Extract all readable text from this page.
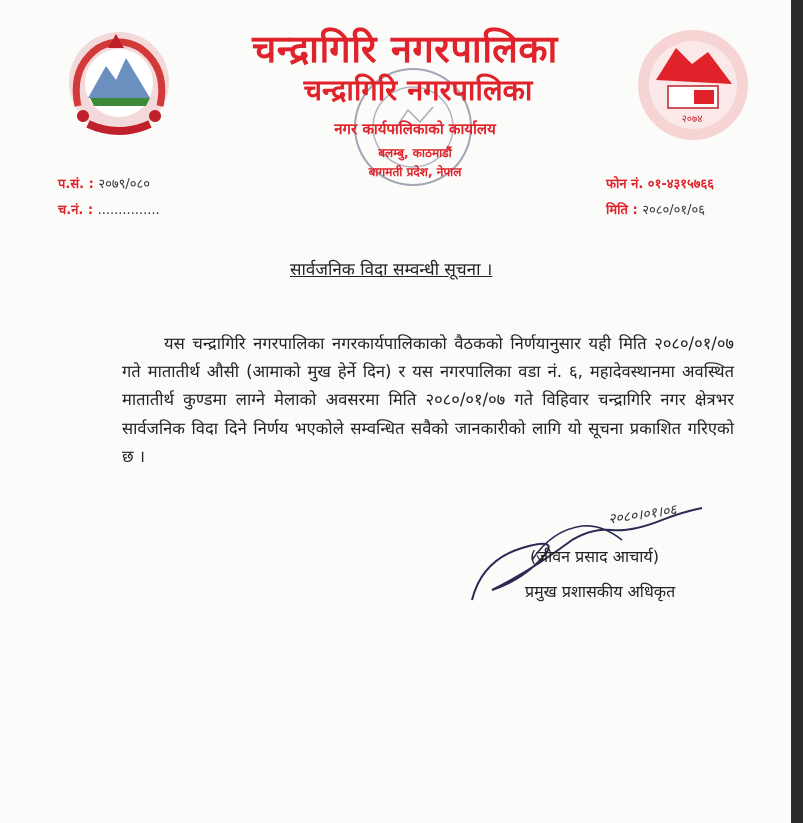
२०७४
चन्द्रागिरि नगरपालिका
चन्द्रागिरि नगरपालिका
नगर कार्यपालिकाको कार्यालय
बलम्बु, काठमाडौं
बागमती प्रदेश, नेपाल
प.सं. : २०७९/०८०
च.नं. : ...............
फोन नं. ०१-४३१५७६६
मिति : २०८०/०१/०६
सार्वजनिक विदा सम्वन्धी सूचना ।
यस चन्द्रागिरि नगरपालिका नगरकार्यपालिकाको वैठकको निर्णयानुसार यही मिति २०८०/०१/०७ गते मातातीर्थ औसी (आमाको मुख हेर्ने दिन) र यस नगरपालिका वडा नं. ६, महादेवस्थानमा अवस्थित मातातीर्थ कुण्डमा लाग्ने मेलाको अवसरमा मिति २०८०/०१/०७ गते विहिवार चन्द्रागिरि नगर क्षेत्रभर सार्वजनिक विदा दिने निर्णय भएकोले सम्वन्धित सवैको जानकारीको लागि यो सूचना प्रकाशित गरिएको छ ।
२०८०।०१।०६
(जीवन प्रसाद आचार्य)
प्रमुख प्रशासकीय अधिकृत
